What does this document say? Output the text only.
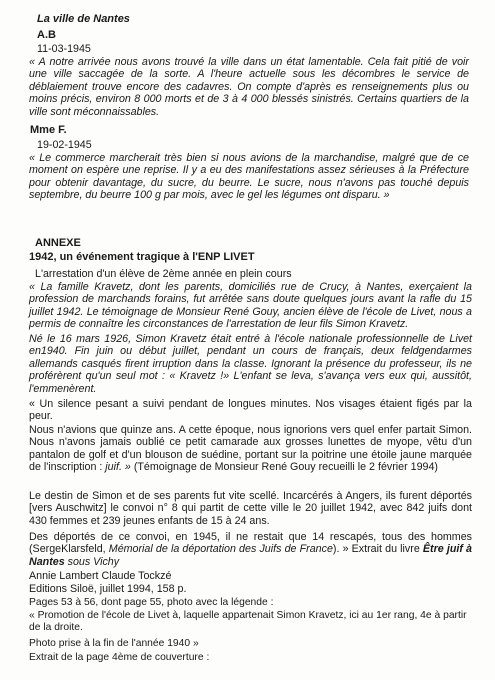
La ville de Nantes

A.B

11-03-1945

« A notre arrivée nous avons trouvé la ville dans un état lamentable. Cela fait pitié de voir une ville saccagée de la sorte. A l'heure actuelle sous les décombres le service de déblaiement trouve encore des cadavres. On compte d'après es renseignements plus ou moins précis, environ 8 000 morts et de 3 à 4 000 blessés sinistrés. Certains quartiers de la ville sont méconnaissables.

Mme F.

19-02-1945

« Le commerce marcherait très bien si nous avions de la marchandise, malgré que de ce moment on espère une reprise. Il y a eu des manifestations assez sérieuses à la Préfecture pour obtenir davantage, du sucre, du beurre. Le sucre, nous n'avons pas touché depuis septembre, du beurre 100 g par mois, avec le gel les légumes ont disparu. »

ANNEXE

1942, un événement tragique à l'ENP LIVET

L'arrestation d'un élève de 2ème année en plein cours

« La famille Kravetz, dont les parents, domiciliés rue de Crucy, à Nantes, exerçaient la profession de marchands forains, fut arrêtée sans doute quelques jours avant la rafle du 15 juillet 1942. Le témoignage de Monsieur René Gouy, ancien élève de l'école de Livet, nous a permis de connaître les circonstances de l'arrestation de leur fils Simon Kravetz.

Né le 16 mars 1926, Simon Kravetz était entré à l'école nationale professionnelle de Livet en1940. Fin juin ou début juillet, pendant un cours de français, deux feldgendarmes allemands casqués firent irruption dans la classe. Ignorant la présence du professeur, ils ne proférèrent qu'un seul mot : « Kravetz !» L'enfant se leva, s'avança vers eux qui, aussitôt, l'emmenèrent.

« Un silence pesant a suivi pendant de longues minutes. Nos visages étaient figés par la peur.

Nous n'avions que quinze ans. A cette époque, nous ignorions vers quel enfer partait Simon. Nous n'avons jamais oublié ce petit camarade aux grosses lunettes de myope, vêtu d'un pantalon de golf et d'un blouson de suédine, portant sur la poitrine une étoile jaune marquée de l'inscription : juif. » (Témoignage de Monsieur René Gouy recueilli le 2 février 1994)

Le destin de Simon et de ses parents fut vite scellé. Incarcérés à Angers, ils furent déportés [vers Auschwitz] le convoi n° 8 qui partit de cette ville le 20 juillet 1942, avec 842 juifs dont 430 femmes et 239 jeunes enfants de 15 à 24 ans.

Des déportés de ce convoi, en 1945, il ne restait que 14 rescapés, tous des hommes (SergeKlarsfeld, Mémorial de la déportation des Juifs de France). » Extrait du livre Être juif à Nantes sous Vichy

Annie Lambert Claude Tockzé

Editions Siloë, juillet 1994, 158 p.

Pages 53 à 56, dont page 55, photo avec la légende :

« Promotion de l'école de Livet à, laquelle appartenait Simon Kravetz, ici au 1er rang, 4e à partir de la droite.

Photo prise à la fin de l'année 1940 »

Extrait de la page 4ème de couverture :
